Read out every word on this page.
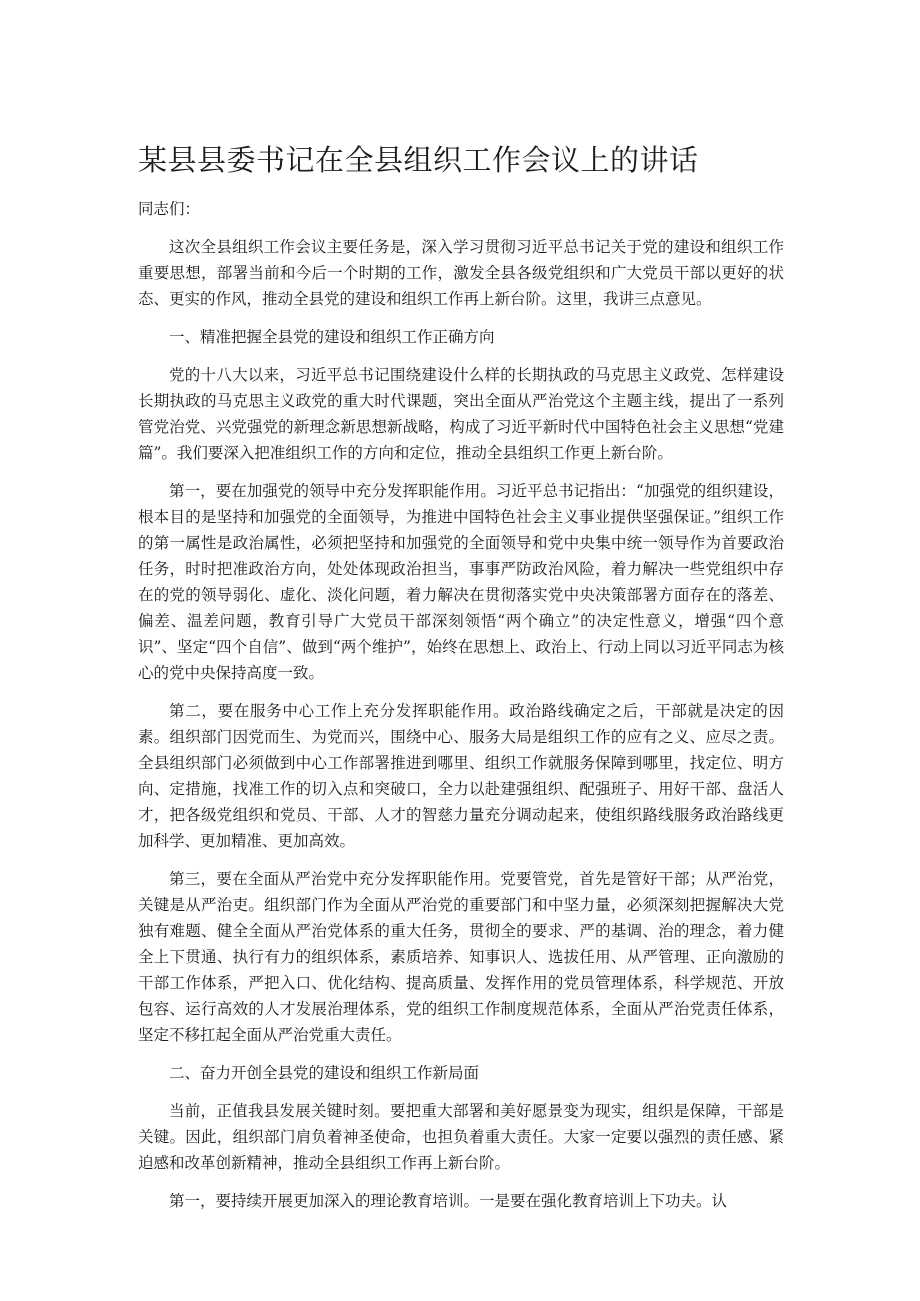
某县县委书记在全县组织工作会议上的讲话

同志们：

这次全县组织工作会议主要任务是，深入学习贯彻习近平总书记关于党的建设和组织工作重要思想，部署当前和今后一个时期的工作，激发全县各级党组织和广大党员干部以更好的状态、更实的作风，推动全县党的建设和组织工作再上新台阶。这里，我讲三点意见。

一、精准把握全县党的建设和组织工作正确方向

党的十八大以来，习近平总书记围绕建设什么样的长期执政的马克思主义政党、怎样建设长期执政的马克思主义政党的重大时代课题，突出全面从严治党这个主题主线，提出了一系列管党治党、兴党强党的新理念新思想新战略，构成了习近平新时代中国特色社会主义思想“党建篇”。我们要深入把准组织工作的方向和定位，推动全县组织工作更上新台阶。

第一，要在加强党的领导中充分发挥职能作用。习近平总书记指出：“加强党的组织建设，根本目的是坚持和加强党的全面领导，为推进中国特色社会主义事业提供坚强保证。”组织工作的第一属性是政治属性，必须把坚持和加强党的全面领导和党中央集中统一领导作为首要政治任务，时时把准政治方向，处处体现政治担当，事事严防政治风险，着力解决一些党组织中存在的党的领导弱化、虚化、淡化问题，着力解决在贯彻落实党中央决策部署方面存在的落差、偏差、温差问题，教育引导广大党员干部深刻领悟“两个确立”的决定性意义，增强“四个意识”、坚定“四个自信”、做到“两个维护”，始终在思想上、政治上、行动上同以习近平同志为核心的党中央保持高度一致。

第二，要在服务中心工作上充分发挥职能作用。政治路线确定之后，干部就是决定的因素。组织部门因党而生、为党而兴，围绕中心、服务大局是组织工作的应有之义、应尽之责。全县组织部门必须做到中心工作部署推进到哪里、组织工作就服务保障到哪里，找定位、明方向、定措施，找准工作的切入点和突破口，全力以赴建强组织、配强班子、用好干部、盘活人才，把各级党组织和党员、干部、人才的智慈力量充分调动起来，使组织路线服务政治路线更加科学、更加精准、更加高效。

第三，要在全面从严治党中充分发挥职能作用。党要管党，首先是管好干部；从严治党，关键是从严治吏。组织部门作为全面从严治党的重要部门和中坚力量，必须深刻把握解决大党独有难题、健全全面从严治党体系的重大任务，贯彻全的要求、严的基调、治的理念，着力健全上下贯通、执行有力的组织体系，素质培养、知事识人、选拔任用、从严管理、正向激励的干部工作体系，严把入口、优化结构、提高质量、发挥作用的党员管理体系，科学规范、开放包容、运行高效的人才发展治理体系，党的组织工作制度规范体系，全面从严治党责任体系，坚定不移扛起全面从严治党重大责任。

二、奋力开创全县党的建设和组织工作新局面

当前，正值我县发展关键时刻。要把重大部署和美好愿景变为现实，组织是保障，干部是关键。因此，组织部门肩负着神圣使命，也担负着重大责任。大家一定要以强烈的责任感、紧迫感和改革创新精神，推动全县组织工作再上新台阶。

第一，要持续开展更加深入的理论教育培训。一是要在强化教育培训上下功夫。认
